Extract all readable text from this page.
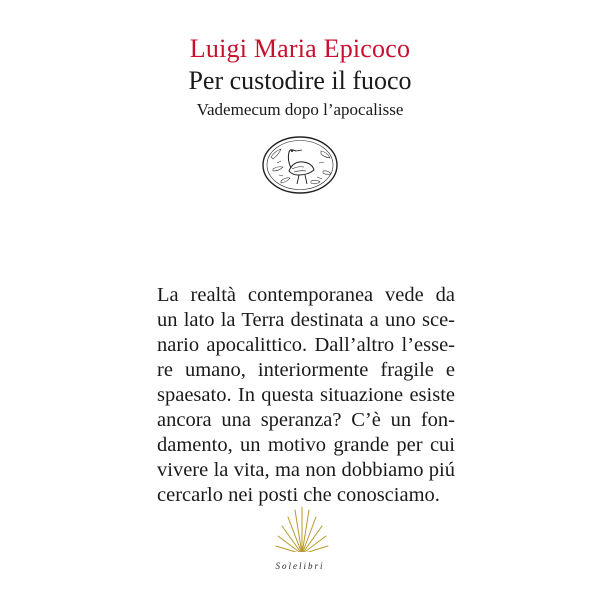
Luigi Maria Epicoco
Per custodire il fuoco
Vademecum dopo l’apocalisse
La realtà contemporanea vede da
un lato la Terra destinata a uno sce-
nario apocalittico. Dall’altro l’esse-
re umano, interiormente fragile e
spaesato. In questa situazione esiste
ancora una speranza? C’è un fon-
damento, un motivo grande per cui
vivere la vita, ma non dobbiamo piú
cercarlo nei posti che conosciamo.
Solelibri
